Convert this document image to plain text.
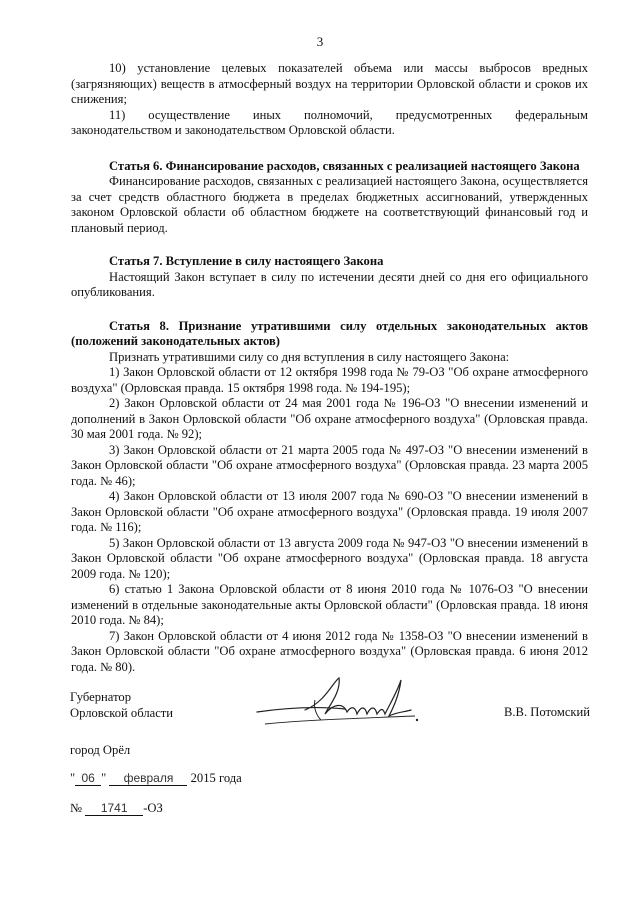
3

10) установление целевых показателей объема или массы выбросов вредных (загрязняющих) веществ в атмосферный воздух на территории Орловской области и сроков их снижения;

11) осуществление иных полномочий, предусмотренных федеральным законодательством и законодательством Орловской области.

Статья 6. Финансирование расходов, связанных с реализацией настоящего Закона

Финансирование расходов, связанных с реализацией настоящего Закона, осуществляется за счет средств областного бюджета в пределах бюджетных ассигнований, утвержденных законом Орловской области об областном бюджете на соответствующий финансовый год и плановый период.

Статья 7. Вступление в силу настоящего Закона

Настоящий Закон вступает в силу по истечении десяти дней со дня его официального опубликования.

Статья 8. Признание утратившими силу отдельных законодательных актов (положений законодательных актов)

Признать утратившими силу со дня вступления в силу настоящего Закона:

1) Закон Орловской области от 12 октября 1998 года № 79-ОЗ "Об охране атмосферного воздуха" (Орловская правда. 15 октября 1998 года. № 194-195);

2) Закон Орловской области от 24 мая 2001 года № 196-ОЗ "О внесении изменений и дополнений в Закон Орловской области "Об охране атмосферного воздуха" (Орловская правда. 30 мая 2001 года. № 92);

3) Закон Орловской области от 21 марта 2005 года № 497-ОЗ "О внесении изменений в Закон Орловской области "Об охране атмосферного воздуха" (Орловская правда. 23 марта 2005 года. № 46);

4) Закон Орловской области от 13 июля 2007 года № 690-ОЗ "О внесении изменений в Закон Орловской области "Об охране атмосферного воздуха" (Орловская правда. 19 июля 2007 года. № 116);

5) Закон Орловской области от 13 августа 2009 года № 947-ОЗ "О внесении изменений в Закон Орловской области "Об охране атмосферного воздуха" (Орловская правда. 18 августа 2009 года. № 120);

6) статью 1 Закона Орловской области от 8 июня 2010 года № 1076-ОЗ "О внесении изменений в отдельные законодательные акты Орловской области" (Орловская правда. 18 июня 2010 года. № 84);

7) Закон Орловской области от 4 июня 2012 года № 1358-ОЗ "О внесении изменений в Закон Орловской области "Об охране атмосферного воздуха" (Орловская правда. 6 июня 2012 года. № 80).

Губернатор
Орловской области	В.В. Потомский
город Орёл
" 06 " февраля 2015 года
№ 1741 -ОЗ
